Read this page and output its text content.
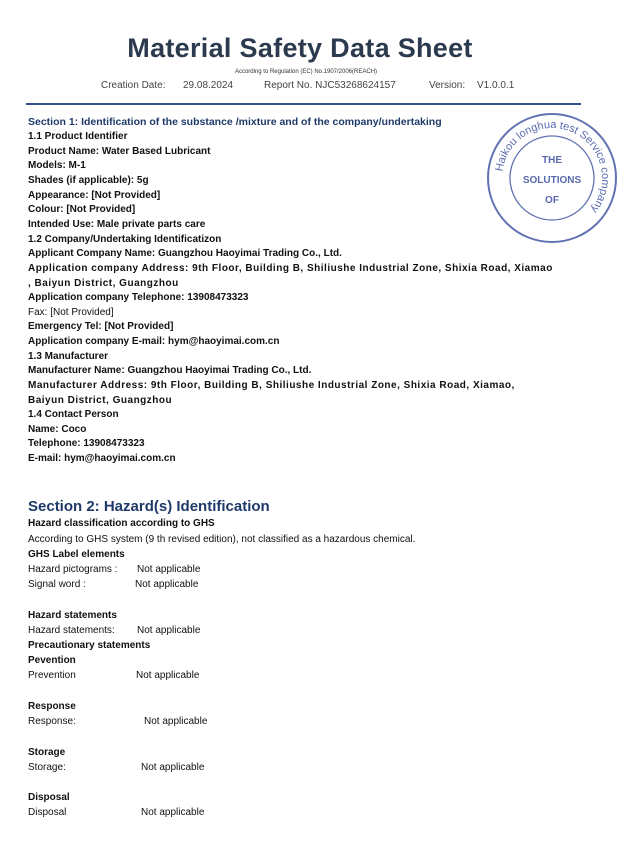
Material Safety Data Sheet
According to Regulation (EC) No.1907/2006(REACH)
Creation Date: 29.08.2024	Report No. NJC53268624157	Version: V1.0.0.1
Haikou longhua test Service company
THE
SOLUTIONS
OF
Section 1: Identification of the substance /mixture and of the company/undertaking
1.1 Product Identifier
Product Name: Water Based Lubricant
Models: M-1
Shades (if applicable): 5g
Appearance: [Not Provided]
Colour: [Not Provided]
Intended Use: Male private parts care
1.2 Company/Undertaking Identificatizon
Applicant Company Name: Guangzhou Haoyimai Trading Co., Ltd.
Application company Address: 9th Floor, Building B, Shiliushe Industrial Zone, Shixia Road, Xiamao
, Baiyun District, Guangzhou
Application company Telephone: 13908473323
Fax: [Not Provided]
Emergency Tel: [Not Provided]
Application company E-mail: hym@haoyimai.com.cn
1.3 Manufacturer
Manufacturer Name: Guangzhou Haoyimai Trading Co., Ltd.
Manufacturer Address: 9th Floor, Building B, Shiliushe Industrial Zone, Shixia Road, Xiamao,
Baiyun District, Guangzhou
1.4 Contact Person
Name: Coco
Telephone: 13908473323
E-mail: hym@haoyimai.com.cn
Section 2: Hazard(s) Identification
Hazard classification according to GHS
According to GHS system (9 th revised edition), not classified as a hazardous chemical.
GHS Label elements
Hazard pictograms : Not applicable
Signal word :	Not applicable
Hazard statements
Hazard statements: Not applicable
Precautionary statements
Pevention
Prevention	Not applicable
Response
Response:	Not applicable
Storage
Storage:	Not applicable
Disposal
Disposal	Not applicable
